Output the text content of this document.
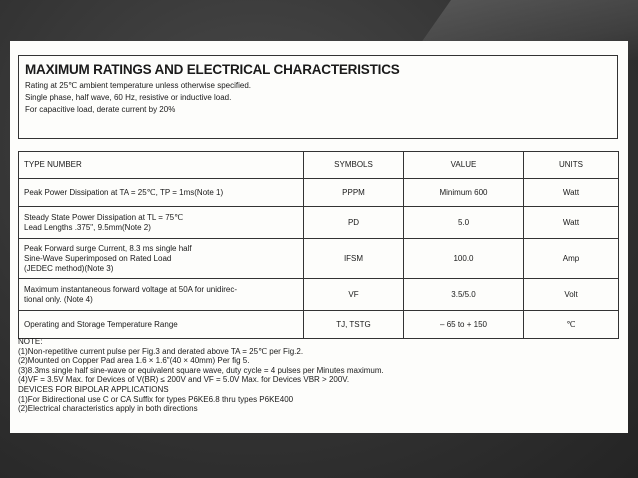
MAXIMUM RATINGS AND ELECTRICAL CHARACTERISTICS
Rating at 25℃ ambient temperature unless otherwise specified.
Single phase, half wave, 60 Hz, resistive or inductive load.
For capacitive load, derate current by 20%
TYPE NUMBER	SYMBOLS	VALUE	UNITS

Peak Power Dissipation at TA = 25℃, TP = 1ms(Note 1)	PPPM	Minimum 600	Watt

Steady State Power Dissipation at TL = 75℃
Lead Lengths .375", 9.5mm(Note 2)	PD	5.0	Watt

Peak Forward surge Current, 8.3 ms single half
Sine-Wave Superimposed on Rated Load
(JEDEC method)(Note 3)	IFSM	100.0	Amp

Maximum instantaneous forward voltage at 50A for unidirec-
tional only. (Note 4)	VF	3.5/5.0	Volt

Operating and Storage Temperature Range	TJ, TSTG	– 65 to + 150	℃
NOTE:
(1)Non-repetitive current pulse per Fig.3 and derated above TA = 25℃ per Fig.2.
(2)Mounted on Copper Pad area 1.6 × 1.6"(40 × 40mm) Per fig 5.
(3)8.3ms single half sine-wave or equivalent square wave, duty cycle = 4 pulses per Minutes maximum.
(4)VF = 3.5V Max. for Devices of V(BR) ≤ 200V and VF = 5.0V Max. for Devices VBR > 200V.
DEVICES FOR BIPOLAR APPLICATIONS
(1)For Bidirectional use C or CA Suffix for types P6KE6.8 thru types P6KE400
(2)Electrical characteristics apply in both directions
